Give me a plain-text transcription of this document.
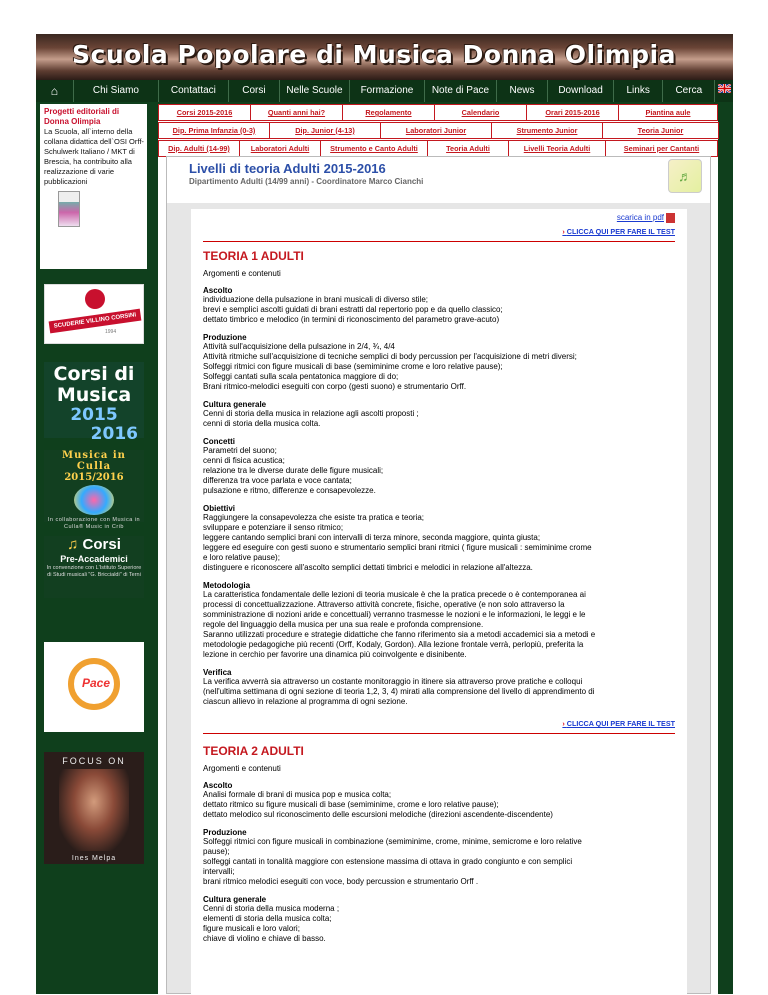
Scuola Popolare di Musica Donna Olimpia
⌂	Chi Siamo	Contattaci	Corsi	Nelle Scuole	Formazione	Note di Pace	News	Download	Links	Cerca
Progetti editoriali di Donna Olimpia
La Scuola, all`interno della collana didattica dell`OSI Orff-Schulwerk Italiano / MKT di Brescia, ha contribuito alla realizzazione di varie pubblicazioni
SCUDERIE VILLINO CORSINI
1994
Corsi di
Musica
2015
2016
Musica in Culla
2015/2016
In collaborazione con Musica in Culla® Music in Crib
♫ Corsi
Pre-Accademici
In convenzione con L'Istituto Superiore di Studi musicali "G. Briccialdi" di Terni
Pace
FOCUS ON
Ines Melpa
Corsi 2015-2016	Quanti anni hai?	Regolamento	Calendario	Orari 2015-2016	Piantina aule
Dip. Prima Infanzia (0-3)	Dip. Junior (4-13)	Laboratori Junior	Strumento Junior	Teoria Junior
Dip. Adulti (14-99)	Laboratori Adulti	Strumento e Canto Adulti	Teoria Adulti	Livelli Teoria Adulti	Seminari per Cantanti
Livelli di teoria Adulti 2015-2016
Dipartimento Adulti (14/99 anni) - Coordinatore Marco Cianchi	♬
scarica in pdf
› CLICCA QUI PER FARE IL TEST
TEORIA 1 ADULTI
Argomenti e contenuti
Ascolto
individuazione della pulsazione in brani musicali di diverso stile;
brevi e semplici ascolti guidati di brani estratti dal repertorio pop e da quello classico;
dettato timbrico e melodico (in termini di riconoscimento del parametro grave-acuto)
Produzione
Attività sull'acquisizione della pulsazione in 2/4, ¾, 4/4
Attività ritmiche sull'acquisizione di tecniche semplici di body percussion per l'acquisizione di metri diversi;
Solfeggi ritmici con figure musicali di base (semiminime crome e loro relative pause);
Solfeggi cantati sulla scala pentatonica maggiore di do;
Brani ritmico-melodici eseguiti con corpo (gesti suono) e strumentario Orff.
Cultura generale
Cenni di storia della musica in relazione agli ascolti proposti ;
cenni di storia della musica colta.
Concetti
Parametri del suono;
cenni di fisica acustica;
relazione tra le diverse durate delle figure musicali;
differenza tra voce parlata e voce cantata;
pulsazione e ritmo, differenze e consapevolezze.
Obiettivi
Raggiungere la consapevolezza che esiste tra pratica e teoria;
sviluppare e potenziare il senso ritmico;
leggere cantando semplici brani con intervalli di terza minore, seconda maggiore, quinta giusta;
leggere ed eseguire con gesti suono e strumentario semplici brani ritmici ( figure musicali : semiminime crome
e loro relative pause);
distinguere e riconoscere all'ascolto semplici dettati timbrici e melodici in relazione all'altezza.
Metodologia
La caratteristica fondamentale delle lezioni di teoria musicale è che la pratica precede o è contemporanea ai
processi di concettualizzazione. Attraverso attività concrete, fisiche, operative (e non solo attraverso la
somministrazione di nozioni aride e concettuali) verranno trasmesse le nozioni e le informazioni, le leggi e le
regole del linguaggio della musica per una sua reale e profonda comprensione.
Saranno utilizzati procedure e strategie didattiche che fanno riferimento sia a metodi accademici sia a metodi e
metodologie pedagogiche più recenti (Orff, Kodaly, Gordon). Alla lezione frontale verrà, perlopiù, preferita la
lezione in cerchio per favorire una dinamica più coinvolgente e disinibente.
Verifica
La verifica avverrà sia attraverso un costante monitoraggio in itinere sia attraverso prove pratiche e colloqui
(nell'ultima settimana di ogni sezione di teoria 1,2, 3, 4) mirati alla comprensione del livello di apprendimento di
ciascun allievo in relazione al programma di ogni sezione.
› CLICCA QUI PER FARE IL TEST
TEORIA 2 ADULTI
Argomenti e contenuti
Ascolto
Analisi formale di brani di musica pop e musica colta;
dettato ritmico su figure musicali di base (semiminime, crome e loro relative pause);
dettato melodico sul riconoscimento delle escursioni melodiche (direzioni ascendente-discendente)
Produzione
Solfeggi ritmici con figure musicali in combinazione (semiminime, crome, minime, semicrome e loro relative
pause);
solfeggi cantati in tonalità maggiore con estensione massima di ottava in grado congiunto e con semplici
intervalli;
brani ritmico melodici eseguiti con voce, body percussion e strumentario Orff .
Cultura generale
Cenni di storia della musica moderna ;
elementi di storia della musica colta;
figure musicali e loro valori;
chiave di violino e chiave di basso.
